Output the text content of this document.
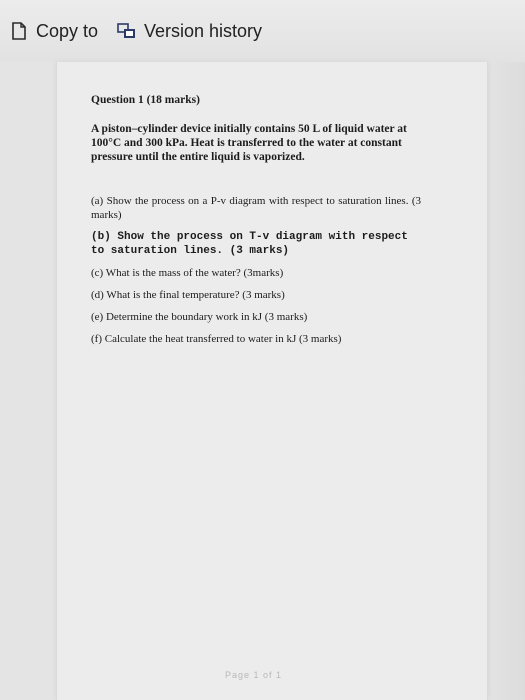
Copy to	Version history

Question 1 (18 marks)

A piston–cylinder device initially contains 50 L of liquid water at 100°C and 300 kPa. Heat is transferred to the water at constant pressure until the entire liquid is vaporized.

(a) Show the process on a P-v diagram with respect to saturation lines. (3 marks)

(b) Show the process on T-v diagram with respect to saturation lines. (3 marks)

(c) What is the mass of the water? (3marks)

(d) What is the final temperature? (3 marks)

(e) Determine the boundary work in kJ (3 marks)

(f) Calculate the heat transferred to water in kJ (3 marks)

Page 1 of 1
